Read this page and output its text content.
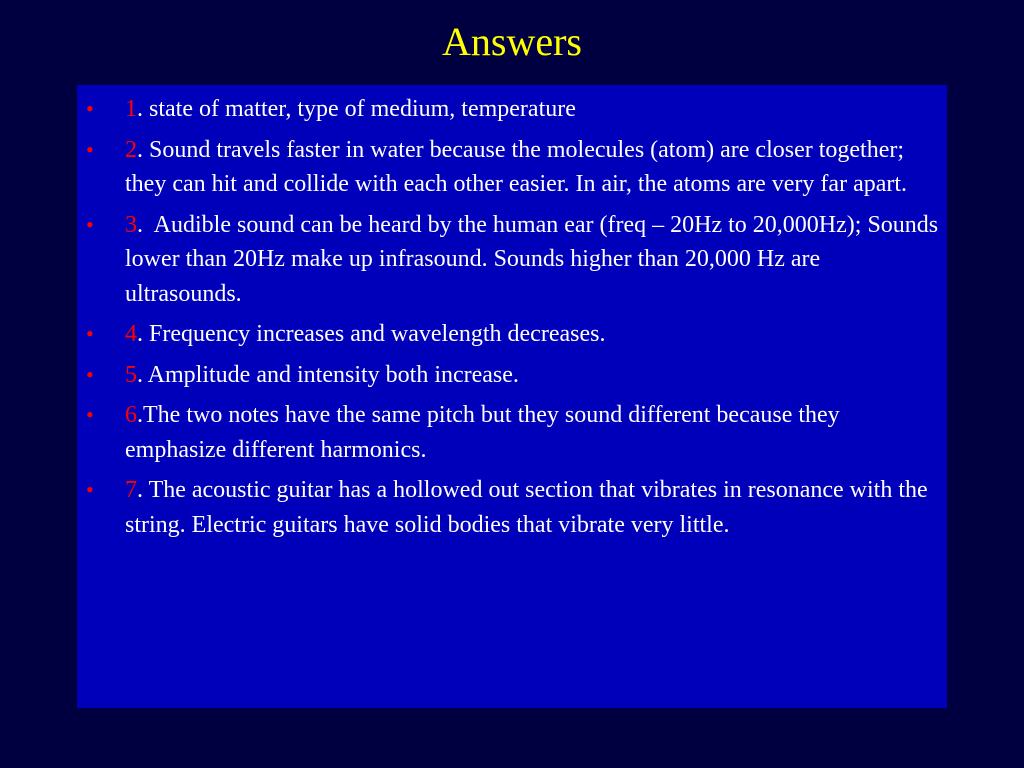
Answers
• 1. state of matter, type of medium, temperature
• 2. Sound travels faster in water because the molecules (atom) are closer together; they can hit and collide with each other easier. In air, the atoms are very far apart.
• 3.  Audible sound can be heard by the human ear (freq – 20Hz to 20,000Hz); Sounds lower than 20Hz make up infrasound. Sounds higher than 20,000 Hz are ultrasounds.
• 4. Frequency increases and wavelength decreases.
• 5. Amplitude and intensity both increase.
• 6.The two notes have the same pitch but they sound different because they emphasize different harmonics.
• 7. The acoustic guitar has a hollowed out section that vibrates in resonance with the string. Electric guitars have solid bodies that vibrate very little.
